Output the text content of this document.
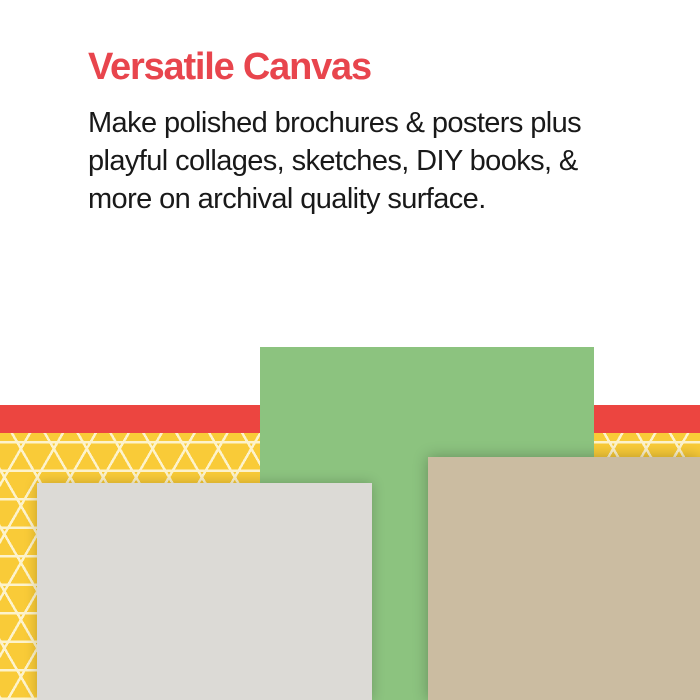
Versatile Canvas

Make polished brochures & posters plus
playful collages, sketches, DIY books, &
more on archival quality surface.
